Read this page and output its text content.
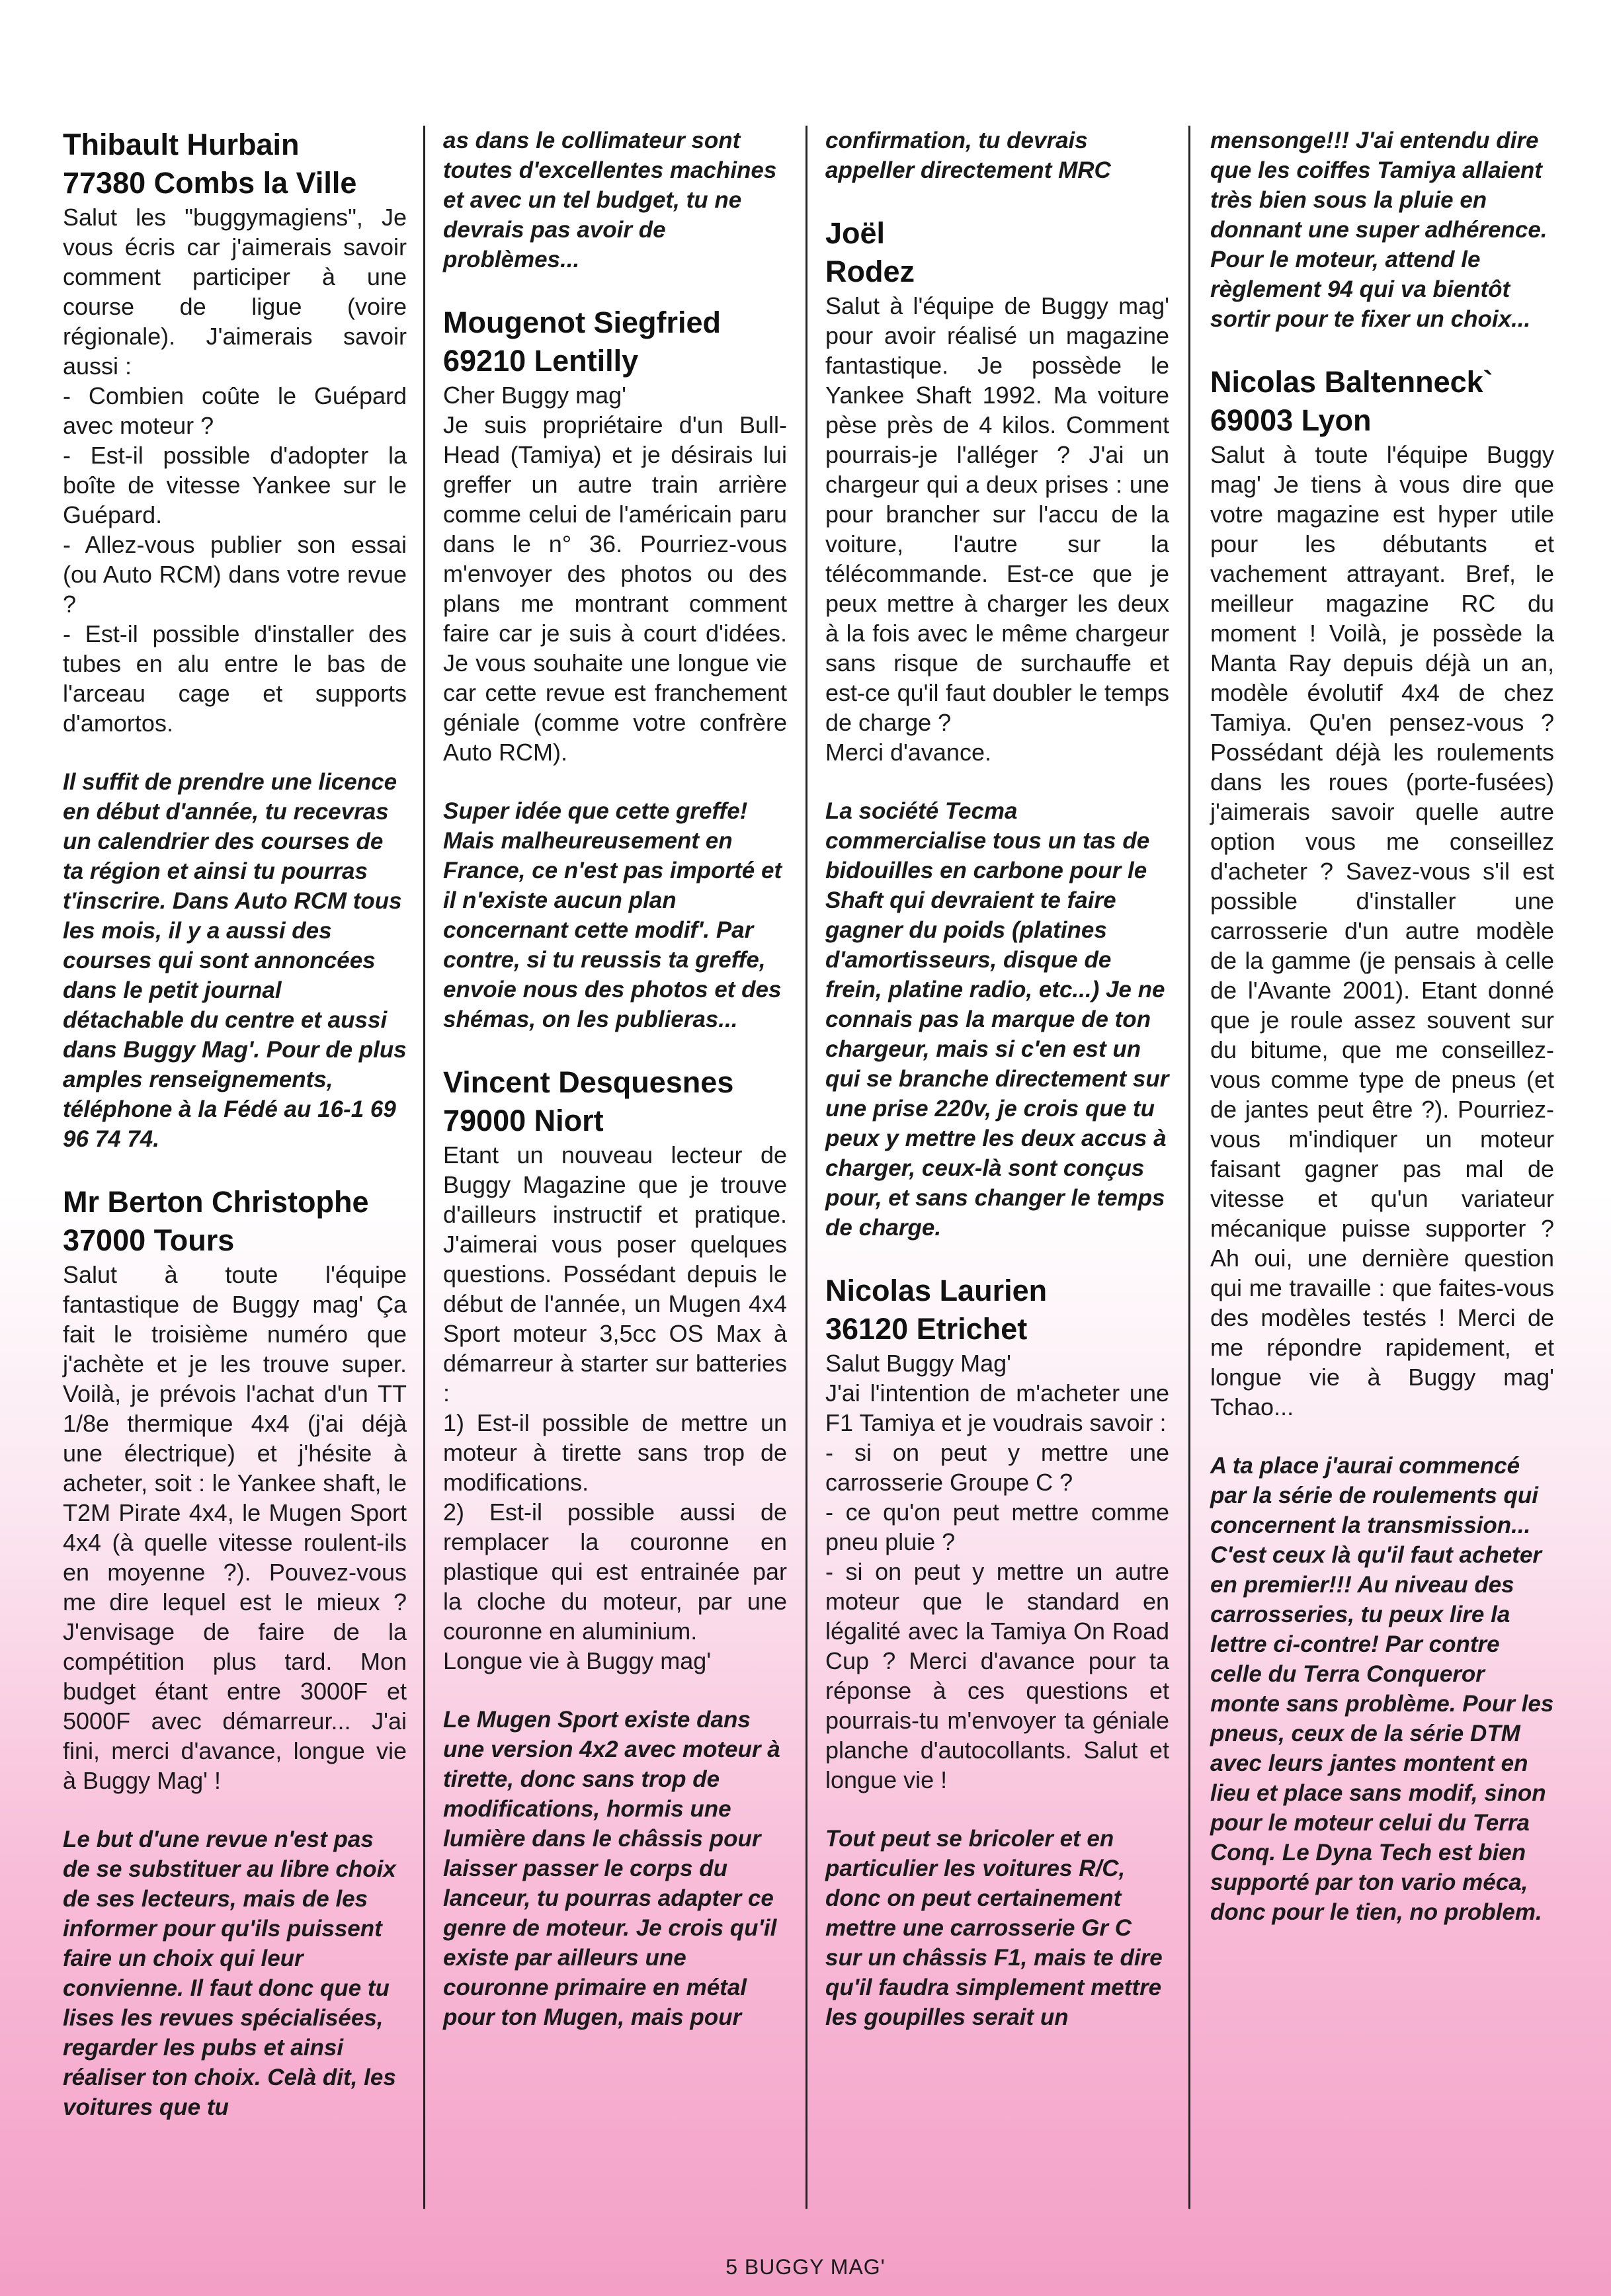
Thibault Hurbain
77380 Combs la Ville

Salut les "buggymagiens", Je vous écris car j'aimerais savoir comment participer à une course de ligue (voire régionale). J'aimerais savoir aussi :

- Combien coûte le Guépard avec moteur ?

- Est-il possible d'adopter la boîte de vitesse Yankee sur le Guépard.

- Allez-vous publier son essai (ou Auto RCM) dans votre revue ?

- Est-il possible d'installer des tubes en alu entre le bas de l'arceau cage et supports d'amortos.

Il suffit de prendre une licence en début d'année, tu recevras un calendrier des courses de ta région et ainsi tu pourras t'inscrire. Dans Auto RCM tous les mois, il y a aussi des courses qui sont annoncées dans le petit journal détachable du centre et aussi dans Buggy Mag'. Pour de plus amples renseignements, téléphone à la Fédé au 16-1 69 96 74 74.
Mr Berton Christophe
37000 Tours

Salut à toute l'équipe fantastique de Buggy mag' Ça fait le troisième numéro que j'achète et je les trouve super. Voilà, je prévois l'achat d'un TT 1/8e thermique 4x4 (j'ai déjà une électrique) et j'hésite à acheter, soit : le Yankee shaft, le T2M Pirate 4x4, le Mugen Sport 4x4 (à quelle vitesse roulent-ils en moyenne ?). Pouvez-vous me dire lequel est le mieux ? J'envisage de faire de la compétition plus tard. Mon budget étant entre 3000F et 5000F avec démarreur... J'ai fini, merci d'avance, longue vie à Buggy Mag' !

Le but d'une revue n'est pas de se substituer au libre choix de ses lecteurs, mais de les informer pour qu'ils puissent faire un choix qui leur convienne. Il faut donc que tu lises les revues spécialisées, regarder les pubs et ainsi réaliser ton choix. Celà dit, les voitures que tu
as dans le collimateur sont toutes d'excellentes machines et avec un tel budget, tu ne devrais pas avoir de problèmes...
Mougenot Siegfried
69210 Lentilly

Cher Buggy mag'

Je suis propriétaire d'un Bull-Head (Tamiya) et je désirais lui greffer un autre train arrière comme celui de l'américain paru dans le n° 36. Pourriez-vous m'envoyer des photos ou des plans me montrant comment faire car je suis à court d'idées. Je vous souhaite une longue vie car cette revue est franchement géniale (comme votre confrère Auto RCM).

Super idée que cette greffe! Mais malheureusement en France, ce n'est pas importé et il n'existe aucun plan concernant cette modif'. Par contre, si tu reussis ta greffe, envoie nous des photos et des shémas, on les publieras...
Vincent Desquesnes
79000 Niort

Etant un nouveau lecteur de Buggy Magazine que je trouve d'ailleurs instructif et pratique. J'aimerai vous poser quelques questions. Possédant depuis le début de l'année, un Mugen 4x4 Sport moteur 3,5cc OS Max à démarreur à starter sur batteries :

1) Est-il possible de mettre un moteur à tirette sans trop de modifications.

2) Est-il possible aussi de remplacer la couronne en plastique qui est entrainée par la cloche du moteur, par une couronne en aluminium.

Longue vie à Buggy mag'

Le Mugen Sport existe dans une version 4x2 avec moteur à tirette, donc sans trop de modifications, hormis une lumière dans le châssis pour laisser passer le corps du lanceur, tu pourras adapter ce genre de moteur. Je crois qu'il existe par ailleurs une couronne primaire en métal pour ton Mugen, mais pour
confirmation, tu devrais appeller directement MRC
Joël
Rodez

Salut à l'équipe de Buggy mag' pour avoir réalisé un magazine fantastique. Je possède le Yankee Shaft 1992. Ma voiture pèse près de 4 kilos. Comment pourrais-je l'alléger ? J'ai un chargeur qui a deux prises : une pour brancher sur l'accu de la voiture, l'autre sur la télécommande. Est-ce que je peux mettre à charger les deux à la fois avec le même chargeur sans risque de surchauffe et est-ce qu'il faut doubler le temps de charge ?

Merci d'avance.

La société Tecma commercialise tous un tas de bidouilles en carbone pour le Shaft qui devraient te faire gagner du poids (platines d'amortisseurs, disque de frein, platine radio, etc...) Je ne connais pas la marque de ton chargeur, mais si c'en est un qui se branche directement sur une prise 220v, je crois que tu peux y mettre les deux accus à charger, ceux-là sont conçus pour, et sans changer le temps de charge.
Nicolas Laurien
36120 Etrichet

Salut Buggy Mag'

J'ai l'intention de m'acheter une F1 Tamiya et je voudrais savoir :

- si on peut y mettre une carrosserie Groupe C ?

- ce qu'on peut mettre comme pneu pluie ?

- si on peut y mettre un autre moteur que le standard en légalité avec la Tamiya On Road Cup ? Merci d'avance pour ta réponse à ces questions et pourrais-tu m'envoyer ta géniale planche d'autocollants. Salut et longue vie !

Tout peut se bricoler et en particulier les voitures R/C, donc on peut certainement mettre une carrosserie Gr C sur un châssis F1, mais te dire qu'il faudra simplement mettre les goupilles serait un
mensonge!!! J'ai entendu dire que les coiffes Tamiya allaient très bien sous la pluie en donnant une super adhérence. Pour le moteur, attend le règlement 94 qui va bientôt sortir pour te fixer un choix...
Nicolas Baltenneck`
69003 Lyon

Salut à toute l'équipe Buggy mag' Je tiens à vous dire que votre magazine est hyper utile pour les débutants et vachement attrayant. Bref, le meilleur magazine RC du moment ! Voilà, je possède la Manta Ray depuis déjà un an, modèle évolutif 4x4 de chez Tamiya. Qu'en pensez-vous ? Possédant déjà les roulements dans les roues (porte-fusées) j'aimerais savoir quelle autre option vous me conseillez d'acheter ? Savez-vous s'il est possible d'installer une carrosserie d'un autre modèle de la gamme (je pensais à celle de l'Avante 2001). Etant donné que je roule assez souvent sur du bitume, que me conseillez-vous comme type de pneus (et de jantes peut être ?). Pourriez-vous m'indiquer un moteur faisant gagner pas mal de vitesse et qu'un variateur mécanique puisse supporter ? Ah oui, une dernière question qui me travaille : que faites-vous des modèles testés ! Merci de me répondre rapidement, et longue vie à Buggy mag' Tchao...

A ta place j'aurai commencé par la série de roulements qui concernent la transmission... C'est ceux là qu'il faut acheter en premier!!! Au niveau des carrosseries, tu peux lire la lettre ci-contre! Par contre celle du Terra Conqueror monte sans problème. Pour les pneus, ceux de la série DTM avec leurs jantes montent en lieu et place sans modif, sinon pour le moteur celui du Terra Conq. Le Dyna Tech est bien supporté par ton vario méca, donc pour le tien, no problem.
5 BUGGY MAG'
